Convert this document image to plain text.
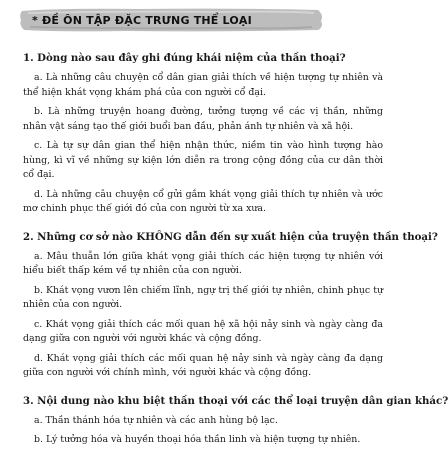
* ĐỀ ÔN TẬP ĐẶC TRƯNG THỂ LOẠI

1. Dòng nào sau đây ghi đúng khái niệm của thần thoại?

a. Là những câu chuyện cổ dân gian giải thích về hiện tượng tự nhiên và thể hiện khát vọng khám phá của con người cổ đại.

b. Là những truyện hoang đường, tưởng tượng về các vị thần, những nhân vật sáng tạo thế giới buổi ban đầu, phản ánh tự nhiên và xã hội.

c. Là tự sự dân gian thể hiện nhận thức, niềm tin vào hình tượng hào hùng, kì vĩ về những sự kiện lớn diễn ra trong cộng đồng của cư dân thời cổ đại.

d. Là những câu chuyện cổ gửi gắm khát vọng giải thích tự nhiên và ước mơ chinh phục thế giới đó của con người từ xa xưa.

2. Những cơ sở nào KHÔNG dẫn đến sự xuất hiện của truyện thần thoại?

a. Mâu thuẫn lớn giữa khát vọng giải thích các hiện tượng tự nhiên với hiểu biết thấp kém về tự nhiên của con người.

b. Khát vọng vươn lên chiếm lĩnh, ngự trị thế giới tự nhiên, chinh phục tự nhiên của con người.

c. Khát vọng giải thích các mối quan hệ xã hội nảy sinh và ngày càng đa dạng giữa con người với người khác và cộng đồng.

d. Khát vọng giải thích các mối quan hệ nảy sinh và ngày càng đa dạng giữa con người với chính mình, với người khác và cộng đồng.

3. Nội dung nào khu biệt thần thoại với các thể loại truyện dân gian khác?

a. Thần thánh hóa tự nhiên và các anh hùng bộ lạc.

b. Lý tưởng hóa và huyền thoại hóa thần linh và hiện tượng tự nhiên.
